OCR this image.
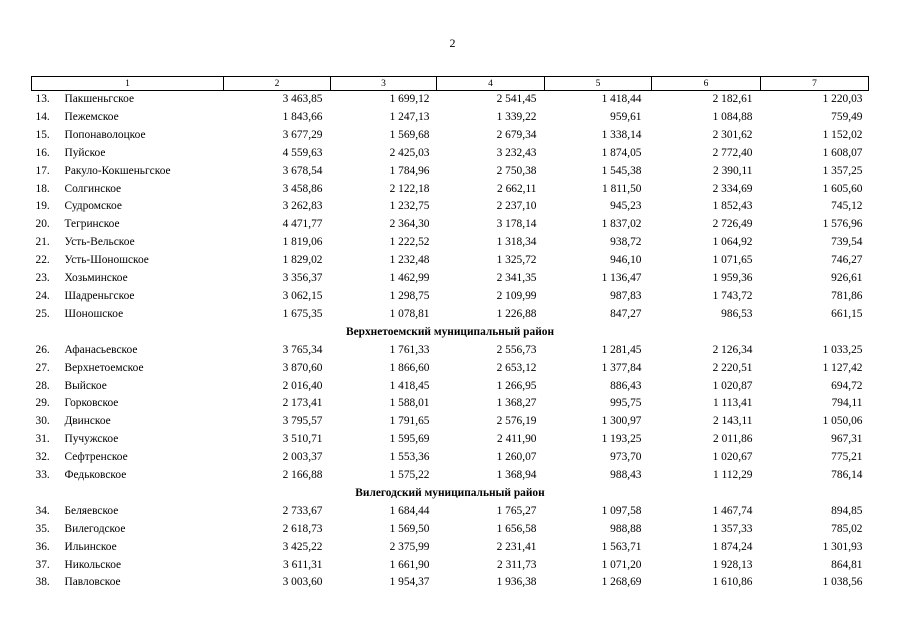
2
1	2	3	4	5	6	7
13. Пакшеньгское	3 463,85	1 699,12	2 541,45	1 418,44	2 182,61	1 220,03
14. Пежемское	1 843,66	1 247,13	1 339,22	959,61	1 084,88	759,49
15. Попонаволоцкое	3 677,29	1 569,68	2 679,34	1 338,14	2 301,62	1 152,02
16. Пуйское	4 559,63	2 425,03	3 232,43	1 874,05	2 772,40	1 608,07
17. Ракуло-Кокшеньгское	3 678,54	1 784,96	2 750,38	1 545,38	2 390,11	1 357,25
18. Солгинское	3 458,86	2 122,18	2 662,11	1 811,50	2 334,69	1 605,60
19. Судромское	3 262,83	1 232,75	2 237,10	945,23	1 852,43	745,12
20. Тегринское	4 471,77	2 364,30	3 178,14	1 837,02	2 726,49	1 576,96
21. Усть-Вельское	1 819,06	1 222,52	1 318,34	938,72	1 064,92	739,54
22. Усть-Шоношское	1 829,02	1 232,48	1 325,72	946,10	1 071,65	746,27
23. Хозьминское	3 356,37	1 462,99	2 341,35	1 136,47	1 959,36	926,61
24. Шадреньгское	3 062,15	1 298,75	2 109,99	987,83	1 743,72	781,86
25. Шоношское	1 675,35	1 078,81	1 226,88	847,27	986,53	661,15
Верхнетоемский муниципальный район						
26. Афанасьевское	3 765,34	1 761,33	2 556,73	1 281,45	2 126,34	1 033,25
27. Верхнетоемское	3 870,60	1 866,60	2 653,12	1 377,84	2 220,51	1 127,42
28. Выйское	2 016,40	1 418,45	1 266,95	886,43	1 020,87	694,72
29. Горковское	2 173,41	1 588,01	1 368,27	995,75	1 113,41	794,11
30. Двинское	3 795,57	1 791,65	2 576,19	1 300,97	2 143,11	1 050,06
31. Пучужское	3 510,71	1 595,69	2 411,90	1 193,25	2 011,86	967,31
32. Сефтренское	2 003,37	1 553,36	1 260,07	973,70	1 020,67	775,21
33. Федьковское	2 166,88	1 575,22	1 368,94	988,43	1 112,29	786,14
Вилегодский муниципальный район						
34. Беляевское	2 733,67	1 684,44	1 765,27	1 097,58	1 467,74	894,85
35. Вилегодское	2 618,73	1 569,50	1 656,58	988,88	1 357,33	785,02
36. Ильинское	3 425,22	2 375,99	2 231,41	1 563,71	1 874,24	1 301,93
37. Никольское	3 611,31	1 661,90	2 311,73	1 071,20	1 928,13	864,81
38. Павловское	3 003,60	1 954,37	1 936,38	1 268,69	1 610,86	1 038,56
